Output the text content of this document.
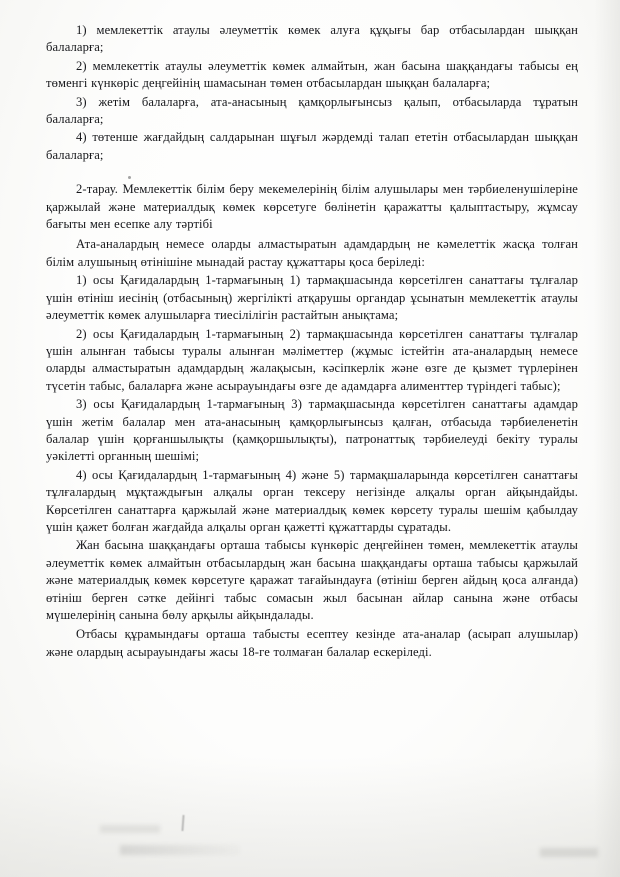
1) мемлекеттік атаулы әлеуметтік көмек алуға құқығы бар отбасылардан шыққан балаларға;

2) мемлекеттік атаулы әлеуметтік көмек алмайтын, жан басына шаққандағы табысы ең төменгі күнкөріс деңгейінің шамасынан төмен отбасылардан шыққан балаларға;

3) жетім балаларға, ата-анасының қамқорлығынсыз қалып, отбасыларда тұратын балаларға;

4) төтенше жағдайдың салдарынан шұғыл жәрдемді талап ететін отбасылардан шыққан балаларға;

2-тарау. Мемлекеттік білім беру мекемелерінің білім алушылары мен тәрбиеленушілеріне қаржылай және материалдық көмек көрсетуге бөлінетін қаражатты қалыптастыру, жұмсау бағыты мен есепке алу тәртібі

Ата-аналардың немесе оларды алмастыратын адамдардың не кәмелеттік жасқа толған білім алушының өтінішіне мынадай растау құжаттары қоса беріледі:

1) осы Қағидалардың 1-тармағының 1) тармақшасында көрсетілген санаттағы тұлғалар үшін өтініш иесінің (отбасының) жергілікті атқарушы органдар ұсынатын мемлекеттік атаулы әлеуметтік көмек алушыларға тиесілілігін растайтын анықтама;

2) осы Қағидалардың 1-тармағының 2) тармақшасында көрсетілген санаттағы тұлғалар үшін алынған табысы туралы алынған мәліметтер (жұмыс істейтін ата-аналардың немесе оларды алмастыратын адамдардың жалақысын, кәсіпкерлік және өзге де қызмет түрлерінен түсетін табыс, балаларға және асырауындағы өзге де адамдарға алименттер түріндегі табыс);

3) осы Қағидалардың 1-тармағының 3) тармақшасында көрсетілген санаттағы адамдар үшін жетім балалар мен ата-анасының қамқорлығынсыз қалған, отбасыда тәрбиеленетін балалар үшін қорғаншылықты (қамқоршылықты), патронаттық тәрбиелеуді бекіту туралы уәкілетті органның шешімі;

4) осы Қағидалардың 1-тармағының 4) және 5) тармақшаларында көрсетілген санаттағы тұлғалардың мұқтаждығын алқалы орган тексеру негізінде алқалы орган айқындайды. Көрсетілген санаттарға қаржылай және материалдық көмек көрсету туралы шешім қабылдау үшін қажет болған жағдайда алқалы орган қажетті құжаттарды сұратады.

Жан басына шаққандағы орташа табысы күнкөріс деңгейінен төмен, мемлекеттік атаулы әлеуметтік көмек алмайтын отбасылардың жан басына шаққандағы орташа табысы қаржылай және материалдық көмек көрсетуге қаражат тағайындауға (өтініш берген айдың қоса алғанда) өтініш берген сәтке дейінгі табыс сомасын жыл басынан айлар санына және отбасы мүшелерінің санына бөлу арқылы айқындалады.

Отбасы құрамындағы орташа табысты есептеу кезінде ата-аналар (асырап алушылар) және олардың асырауындағы жасы 18-ге толмаған балалар ескеріледі.
